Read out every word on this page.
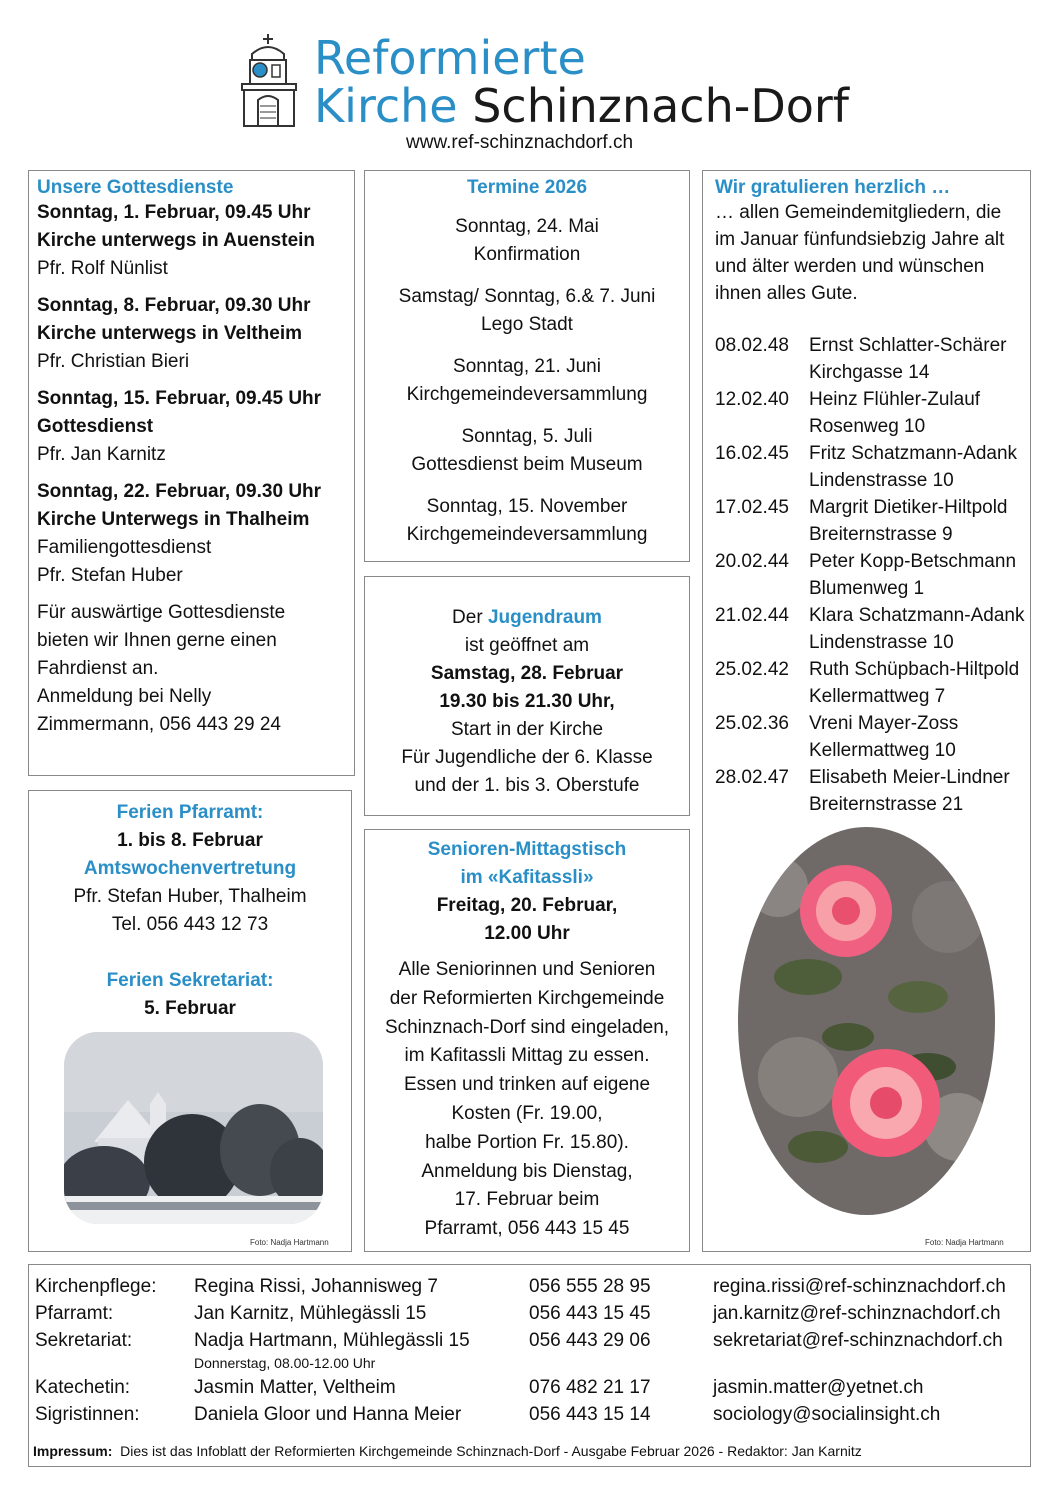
Reformierte
Kirche Schinznach-Dorf
www.ref-schinznachdorf.ch
Unsere Gottesdienste
Sonntag, 1. Februar, 09.45 Uhr
Kirche unterwegs in Auenstein
Pfr. Rolf Nünlist
Sonntag, 8. Februar, 09.30 Uhr
Kirche unterwegs in Veltheim
Pfr. Christian Bieri
Sonntag, 15. Februar, 09.45 Uhr
Gottesdienst
Pfr. Jan Karnitz
Sonntag, 22. Februar, 09.30 Uhr
Kirche Unterwegs in Thalheim
Familiengottesdienst
Pfr. Stefan Huber
Für auswärtige Gottesdienste
bieten wir Ihnen gerne einen
Fahrdienst an.
Anmeldung bei Nelly
Zimmermann, 056 443 29 24
Termine 2026
Sonntag, 24. Mai
Konfirmation
Samstag/ Sonntag, 6.& 7. Juni
Lego Stadt
Sonntag, 21. Juni
Kirchgemeindeversammlung
Sonntag, 5. Juli
Gottesdienst beim Museum
Sonntag, 15. November
Kirchgemeindeversammlung
Der Jugendraum
ist geöffnet am
Samstag, 28. Februar
19.30 bis 21.30 Uhr,
Start in der Kirche
Für Jugendliche der 6. Klasse
und der 1. bis 3. Oberstufe
Ferien Pfarramt:
1. bis 8. Februar
Amtswochenvertretung
Pfr. Stefan Huber, Thalheim
Tel. 056 443 12 73
Ferien Sekretariat:
5. Februar
Foto: Nadja Hartmann
Senioren-Mittagstisch
im «Kafitassli»
Freitag, 20. Februar,
12.00 Uhr
Alle Seniorinnen und Senioren
der Reformierten Kirchgemeinde
Schinznach-Dorf sind eingeladen,
im Kafitassli Mittag zu essen.
Essen und trinken auf eigene
Kosten (Fr. 19.00,
halbe Portion Fr. 15.80).
Anmeldung bis Dienstag,
17. Februar beim
Pfarramt, 056 443 15 45
Wir gratulieren herzlich …
… allen Gemeindemitgliedern, die
im Januar fünfundsiebzig Jahre alt
und älter werden und wünschen
ihnen alles Gute.
08.02.48	Ernst Schlatter-Schärer
Kirchgasse 14
12.02.40	Heinz Flühler-Zulauf
Rosenweg 10
16.02.45	Fritz Schatzmann-Adank
Lindenstrasse 10
17.02.45	Margrit Dietiker-Hiltpold
Breiternstrasse 9
20.02.44	Peter Kopp-Betschmann
Blumenweg 1
21.02.44	Klara Schatzmann-Adank
Lindenstrasse 10
25.02.42	Ruth Schüpbach-Hiltpold
Kellermattweg 7
25.02.36	Vreni Mayer-Zoss
Kellermattweg 10
28.02.47	Elisabeth Meier-Lindner
Breiternstrasse 21
Foto: Nadja Hartmann
Kirchenpflege: Regina Rissi, Johannisweg 7	056 555 28 95	regina.rissi@ref-schinznachdorf.ch
Pfarramt:	Jan Karnitz, Mühlegässli 15	056 443 15 45	jan.karnitz@ref-schinznachdorf.ch
Sekretariat:	Nadja Hartmann, Mühlegässli 15	056 443 29 06	sekretariat@ref-schinznachdorf.ch
Donnerstag, 08.00-12.00 Uhr
Katechetin:	Jasmin Matter, Veltheim	076 482 21 17	jasmin.matter@yetnet.ch
Sigristinnen:	Daniela Gloor und Hanna Meier	056 443 15 14	sociology@socialinsight.ch
Impressum: Dies ist das Infoblatt der Reformierten Kirchgemeinde Schinznach-Dorf - Ausgabe Februar 2026 - Redaktor: Jan Karnitz
